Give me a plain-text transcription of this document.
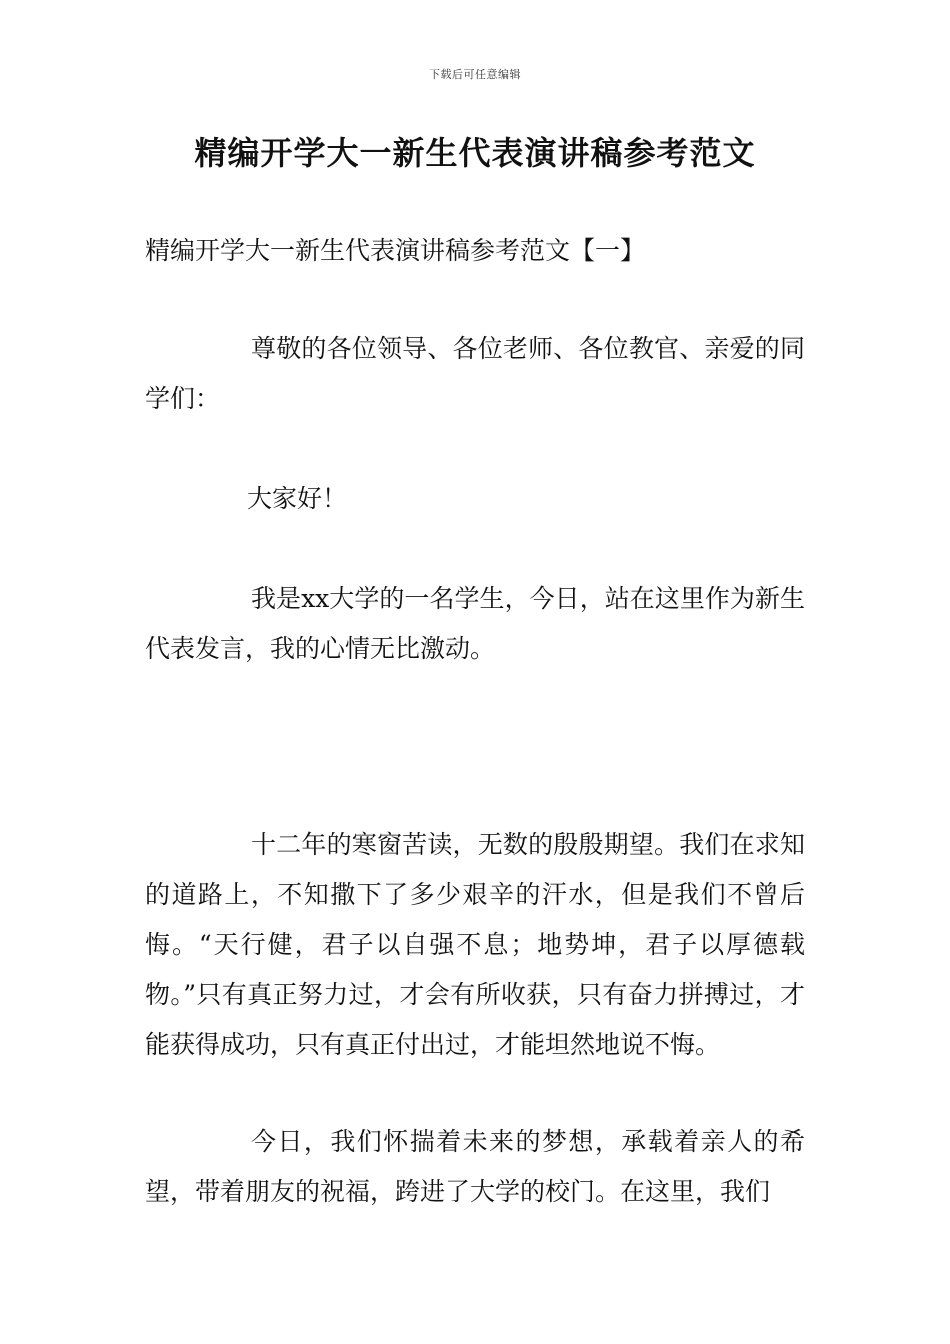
下载后可任意编辑
精编开学大一新生代表演讲稿参考范文
精编开学大一新生代表演讲稿参考范文【一】

尊敬的各位领导、各位老师、各位教官、亲爱的同学们：

大家好！

我是xx大学的一名学生，今日，站在这里作为新生代表发言，我的心情无比激动。

十二年的寒窗苦读，无数的殷殷期望。我们在求知的道路上，不知撒下了多少艰辛的汗水，但是我们不曾后悔。“天行健，君子以自强不息；地势坤，君子以厚德载物。”只有真正努力过，才会有所收获，只有奋力拼搏过，才能获得成功，只有真正付出过，才能坦然地说不悔。

今日，我们怀揣着未来的梦想，承载着亲人的希望，带着朋友的祝福，跨进了大学的校门。在这里，我们
